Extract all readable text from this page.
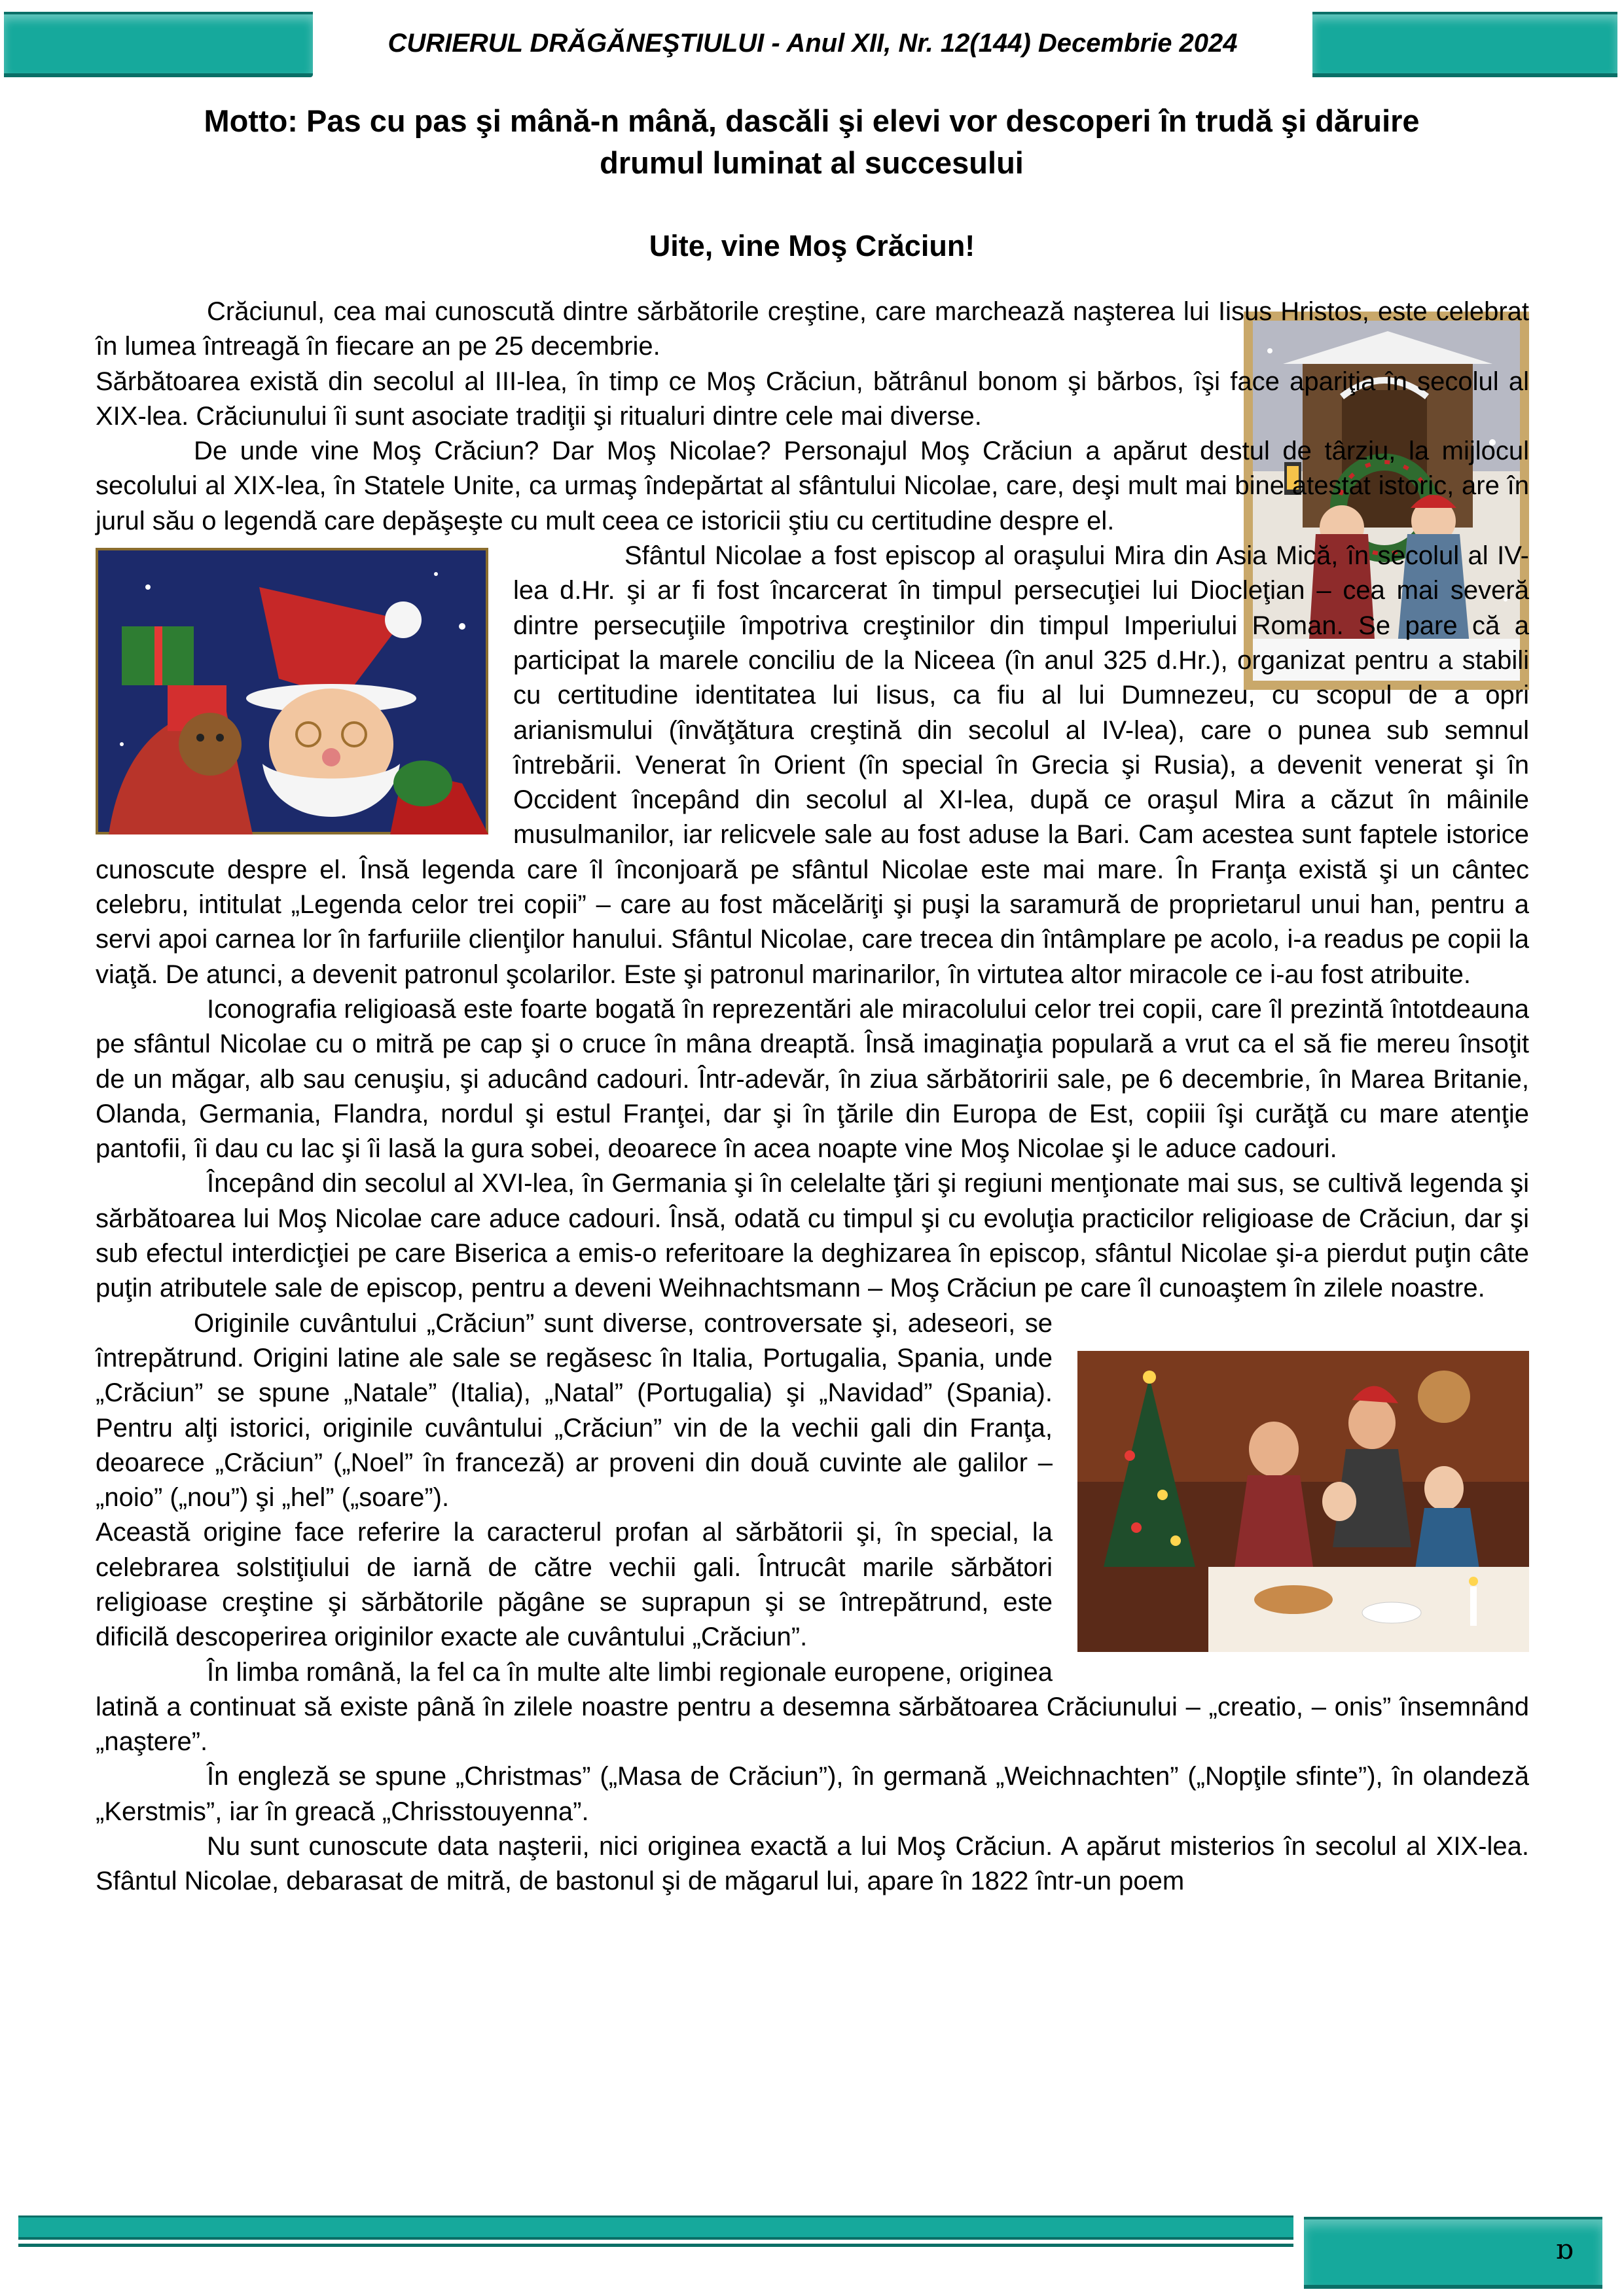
CURIERUL DRĂGĂNEŞTIULUI - Anul XII, Nr. 12(144) Decembrie 2024
Motto: Pas cu pas şi mână-n mână, dascăli şi elevi vor descoperi în trudă şi dăruire
drumul luminat al succesului
Uite, vine Moş Crăciun!

Crăciunul, cea mai cunoscută dintre sărbătorile creştine, care marchează naşterea lui Iisus Hristos, este celebrat în lumea întreagă în fiecare an pe 25 decembrie.

Sărbătoarea există din secolul al III-lea, în timp ce Moş Crăciun, bătrânul bonom şi bărbos, îşi face apariţia în secolul al XIX-lea. Crăciunului îi sunt asociate tradiţii şi ritualuri dintre cele mai diverse.

De unde vine Moş Crăciun? Dar Moş Nicolae? Personajul Moş Crăciun a apărut destul de târziu, la mijlocul secolului al XIX-lea, în Statele Unite, ca urmaş îndepărtat al sfântului Nicolae, care, deşi mult mai bine atestat istoric, are în jurul său o legendă care depăşeşte cu mult ceea ce istoricii ştiu cu certitudine despre el.

Sfântul Nicolae a fost episcop al oraşului Mira din Asia Mică, în secolul al IV-lea d.Hr. şi ar fi fost încarcerat în timpul persecuţiei lui Diocleţian – cea mai severă dintre persecuţiile împotriva creştinilor din timpul Imperiului Roman. Se pare că a participat la marele conciliu de la Niceea (în anul 325 d.Hr.), organizat pentru a stabili cu certitudine identitatea lui Iisus, ca fiu al lui Dumnezeu, cu scopul de a opri arianismului (învăţătura creştină din secolul al IV-lea), care o punea sub semnul întrebării. Venerat în Orient (în special în Grecia şi Rusia), a devenit venerat şi în Occident începând din secolul al XI-lea, după ce oraşul Mira a căzut în mâinile musulmanilor, iar relicvele sale au fost aduse la Bari. Cam acestea sunt faptele istorice cunoscute despre el. Însă legenda care îl înconjoară pe sfântul Nicolae este mai mare. În Franţa există şi un cântec celebru, intitulat „Legenda celor trei copii” – care au fost măcelăriţi şi puşi la saramură de proprietarul unui han, pentru a servi apoi carnea lor în farfuriile clienţilor hanului. Sfântul Nicolae, care trecea din întâmplare pe acolo, i-a readus pe copii la viaţă. De atunci, a devenit patronul şcolarilor. Este şi patronul marinarilor, în virtutea altor miracole ce i-au fost atribuite.

Iconografia religioasă este foarte bogată în reprezentări ale miracolului celor trei copii, care îl prezintă întotdeauna pe sfântul Nicolae cu o mitră pe cap şi o cruce în mâna dreaptă. Însă imaginaţia populară a vrut ca el să fie mereu însoţit de un măgar, alb sau cenuşiu, şi aducând cadouri. Într-adevăr, în ziua sărbătoririi sale, pe 6 decembrie, în Marea Britanie, Olanda, Germania, Flandra, nordul şi estul Franţei, dar şi în ţările din Europa de Est, copiii îşi curăţă cu mare atenţie pantofii, îi dau cu lac şi îi lasă la gura sobei, deoarece în acea noapte vine Moş Nicolae şi le aduce cadouri.

Începând din secolul al XVI-lea, în Germania şi în celelalte ţări şi regiuni menţionate mai sus, se cultivă legenda şi sărbătoarea lui Moş Nicolae care aduce cadouri. Însă, odată cu timpul şi cu evoluţia practicilor religioase de Crăciun, dar şi sub efectul interdicţiei pe care Biserica a emis-o referitoare la deghizarea în episcop, sfântul Nicolae şi-a pierdut puţin câte puţin atributele sale de episcop, pentru a deveni Weihnachtsmann – Moş Crăciun pe care îl cunoaştem în zilele noastre.

Originile cuvântului „Crăciun” sunt diverse, controversate şi, adeseori, se întrepătrund. Origini latine ale sale se regăsesc în Italia, Portugalia, Spania, unde „Crăciun” se spune „Natale” (Italia), „Natal” (Portugalia) şi „Navidad” (Spania). Pentru alţi istorici, originile cuvântului „Crăciun” vin de la vechii gali din Franţa, deoarece „Crăciun” („Noel” în franceză) ar proveni din două cuvinte ale galilor – „noio” („nou”) şi „hel” („soare”).

Această origine face referire la caracterul profan al sărbătorii şi, în special, la celebrarea solstiţiului de iarnă de către vechii gali. Întrucât marile sărbători religioase creştine şi sărbătorile păgâne se suprapun şi se întrepătrund, este dificilă descoperirea originilor exacte ale cuvântului „Crăciun”.

În limba română, la fel ca în multe alte limbi regionale europene, originea latină a continuat să existe până în zilele noastre pentru a desemna sărbătoarea Crăciunului – „creatio, – onis” însemnând „naştere”.

În engleză se spune „Christmas” („Masa de Crăciun”), în germană „Weichnachten” („Nopţile sfinte”), în olandeză „Kerstmis”, iar în greacă „Chrisstouyenna”.

Nu sunt cunoscute data naşterii, nici originea exactă a lui Moş Crăciun. A apărut misterios în secolul al XIX-lea. Sfântul Nicolae, debarasat de mitră, de bastonul şi de măgarul lui, apare în 1822 într-un poem

ɒ
